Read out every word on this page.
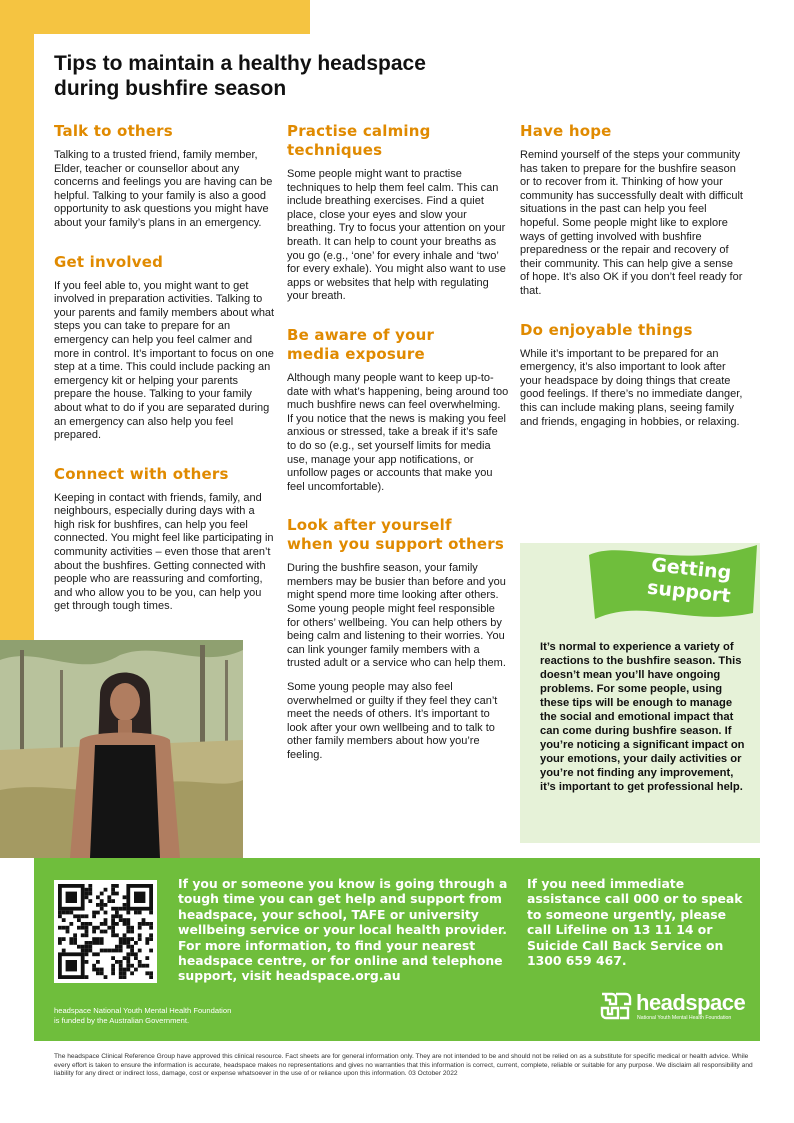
Tips to maintain a healthy headspace
during bushfire season
Talk to others

Talking to a trusted friend, family member, Elder, teacher or counsellor about any concerns and feelings you are having can be helpful. Talking to your family is also a good opportunity to ask questions you might have about your family’s plans in an emergency.

Get involved

If you feel able to, you might want to get involved in preparation activities. Talking to your parents and family members about what steps you can take to prepare for an emergency can help you feel calmer and more in control. It’s important to focus on one step at a time. This could include packing an emergency kit or helping your parents prepare the house. Talking to your family about what to do if you are separated during an emergency can also help you feel prepared.

Connect with others

Keeping in contact with friends, family, and neighbours, especially during days with a high risk for bushfires, can help you feel connected. You might feel like participating in community activities – even those that aren’t about the bushfires. Getting connected with people who are reassuring and comforting, and who allow you to be you, can help you get through tough times.

Practise calming
techniques

Some people might want to practise techniques to help them feel calm. This can include breathing exercises. Find a quiet place, close your eyes and slow your breathing. Try to focus your attention on your breath. It can help to count your breaths as you go (e.g., ‘one’ for every inhale and ‘two’ for every exhale). You might also want to use apps or websites that help with regulating your breath.

Be aware of your
media exposure

Although many people want to keep up-to-date with what’s happening, being around too much bushfire news can feel overwhelming. If you notice that the news is making you feel anxious or stressed, take a break if it’s safe to do so (e.g., set yourself limits for media use, manage your app notifications, or unfollow pages or accounts that make you feel uncomfortable).

Look after yourself
when you support others

During the bushfire season, your family members may be busier than before and you might spend more time looking after others. Some young people might feel responsible for others’ wellbeing. You can help others by being calm and listening to their worries. You can link younger family members with a trusted adult or a service who can help them.

Some young people may also feel overwhelmed or guilty if they feel they can’t meet the needs of others. It’s important to look after your own wellbeing and to talk to other family members about how you’re feeling.

Have hope

Remind yourself of the steps your community has taken to prepare for the bushfire season or to recover from it. Thinking of how your community has successfully dealt with difficult situations in the past can help you feel hopeful. Some people might like to explore ways of getting involved with bushfire preparedness or the repair and recovery of their community. This can help give a sense of hope. It’s also OK if you don’t feel ready for that.

Do enjoyable things

While it’s important to be prepared for an emergency, it’s also important to look after your headspace by doing things that create good feelings. If there’s no immediate danger, this can include making plans, seeing family and friends, engaging in hobbies, or relaxing.

Getting
support

It’s normal to experience a variety of reactions to the bushfire season. This doesn’t mean you’ll have ongoing problems. For some people, using these tips will be enough to manage the social and emotional impact that can come during bushfire season. If you’re noticing a significant impact on your emotions, your daily activities or you’re not finding any improvement, it’s important to get professional help.

If you or someone you know is going through a tough time you can get help and support from headspace, your school, TAFE or university wellbeing service or your local health provider. For more information, to find your nearest headspace centre, or for online and telephone support, visit headspace.org.au

If you need immediate assistance call 000 or to speak to someone urgently, please call Lifeline on 13 11 14 or Suicide Call Back Service on 1300 659 467.

headspace National Youth Mental Health Foundation
is funded by the Australian Government.
headspace
National Youth Mental Health Foundation

The headspace Clinical Reference Group have approved this clinical resource. Fact sheets are for general information only. They are not intended to be and should not be relied on as a substitute for specific medical or health advice. While every effort is taken to ensure the information is accurate, headspace makes no representations and gives no warranties that this information is correct, current, complete, reliable or suitable for any purpose. We disclaim all responsibility and liability for any direct or indirect loss, damage, cost or expense whatsoever in the use of or reliance upon this information. 03 October 2022
